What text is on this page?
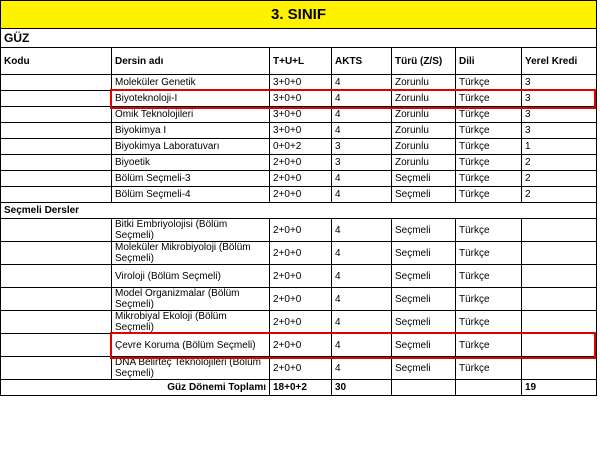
3. SINIF						
GÜZ						
Kodu	Dersin adı	T+U+L	AKTS	Türü (Z/S)	Dili	Yerel Kredi
	Moleküler Genetik	3+0+0	4	Zorunlu	Türkçe	3
	Biyoteknoloji-I	3+0+0	4	Zorunlu	Türkçe	3
	Omik Teknolojileri	3+0+0	4	Zorunlu	Türkçe	3
	Biyokimya I	3+0+0	4	Zorunlu	Türkçe	3
	Biyokimya Laboratuvarı	0+0+2	3	Zorunlu	Türkçe	1
	Biyoetik	2+0+0	3	Zorunlu	Türkçe	2
	Bölüm Seçmeli-3	2+0+0	4	Seçmeli	Türkçe	2
	Bölüm Seçmeli-4	2+0+0	4	Seçmeli	Türkçe	2
Seçmeli Dersler						
	Bitki Embriyolojisi (Bölüm Seçmeli)	2+0+0	4	Seçmeli	Türkçe	
	Moleküler Mikrobiyoloji (Bölüm Seçmeli)	2+0+0	4	Seçmeli	Türkçe	
	Viroloji (Bölüm Seçmeli)	2+0+0	4	Seçmeli	Türkçe	
	Model Organizmalar (Bölüm Seçmeli)	2+0+0	4	Seçmeli	Türkçe	
	Mikrobiyal Ekoloji (Bölüm Seçmeli)	2+0+0	4	Seçmeli	Türkçe	
	Çevre Koruma (Bölüm Seçmeli)	2+0+0	4	Seçmeli	Türkçe	
	DNA Belirteç Teknolojileri (Bölüm Seçmeli)	2+0+0	4	Seçmeli	Türkçe	
Güz Dönemi Toplamı		18+0+2	30			19
